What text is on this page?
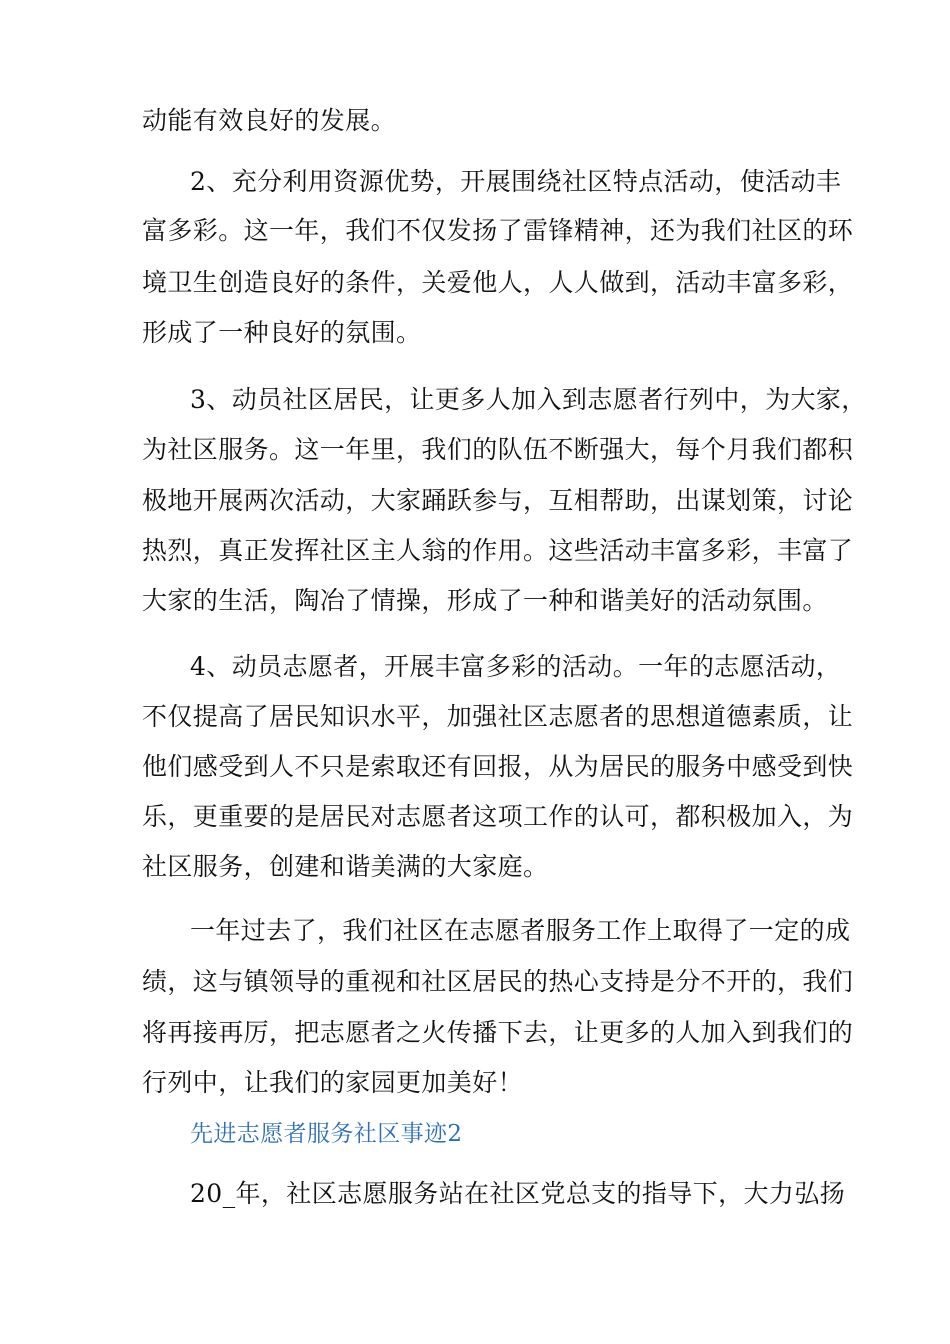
动能有效良好的发展。
2、充分利用资源优势，开展围绕社区特点活动，使活动丰
富多彩。这一年，我们不仅发扬了雷锋精神，还为我们社区的环
境卫生创造良好的条件，关爱他人，人人做到，活动丰富多彩，
形成了一种良好的氛围。
3、动员社区居民，让更多人加入到志愿者行列中，为大家，
为社区服务。这一年里，我们的队伍不断强大，每个月我们都积
极地开展两次活动，大家踊跃参与，互相帮助，出谋划策，讨论
热烈，真正发挥社区主人翁的作用。这些活动丰富多彩，丰富了
大家的生活，陶冶了情操，形成了一种和谐美好的活动氛围。
4、动员志愿者，开展丰富多彩的活动。一年的志愿活动，
不仅提高了居民知识水平，加强社区志愿者的思想道德素质，让
他们感受到人不只是索取还有回报，从为居民的服务中感受到快
乐，更重要的是居民对志愿者这项工作的认可，都积极加入，为
社区服务，创建和谐美满的大家庭。
一年过去了，我们社区在志愿者服务工作上取得了一定的成
绩，这与镇领导的重视和社区居民的热心支持是分不开的，我们
将再接再厉，把志愿者之火传播下去，让更多的人加入到我们的
行列中，让我们的家园更加美好！
先进志愿者服务社区事迹2
20_年，社区志愿服务站在社区党总支的指导下，大力弘扬
